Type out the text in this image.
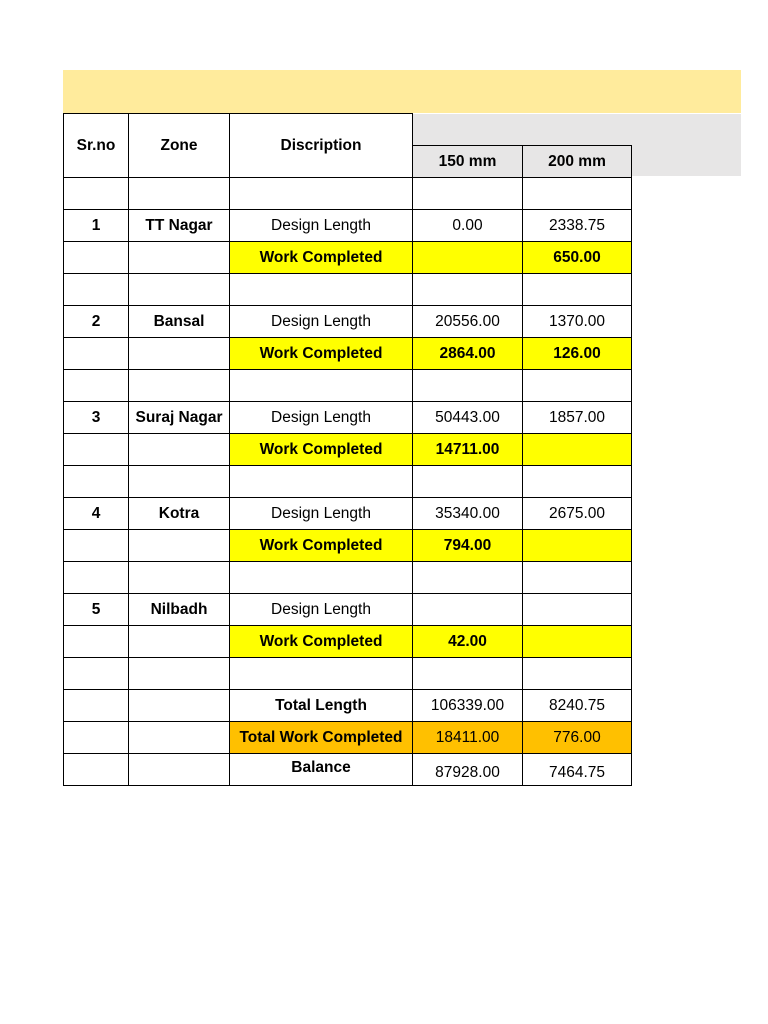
Sr.no	Zone	Discription		
			150 mm	200 mm

1	TT Nagar	Design Length	0.00	2338.75
		Work Completed		650.00

2	Bansal	Design Length	20556.00	1370.00
		Work Completed	2864.00	126.00

3	Suraj Nagar	Design Length	50443.00	1857.00
		Work Completed	14711.00	

4	Kotra	Design Length	35340.00	2675.00
		Work Completed	794.00	

5	Nilbadh	Design Length		
		Work Completed	42.00	

		Total Length	106339.00	8240.75
		Total Work Completed	18411.00	776.00
		Balance	87928.00	7464.75
